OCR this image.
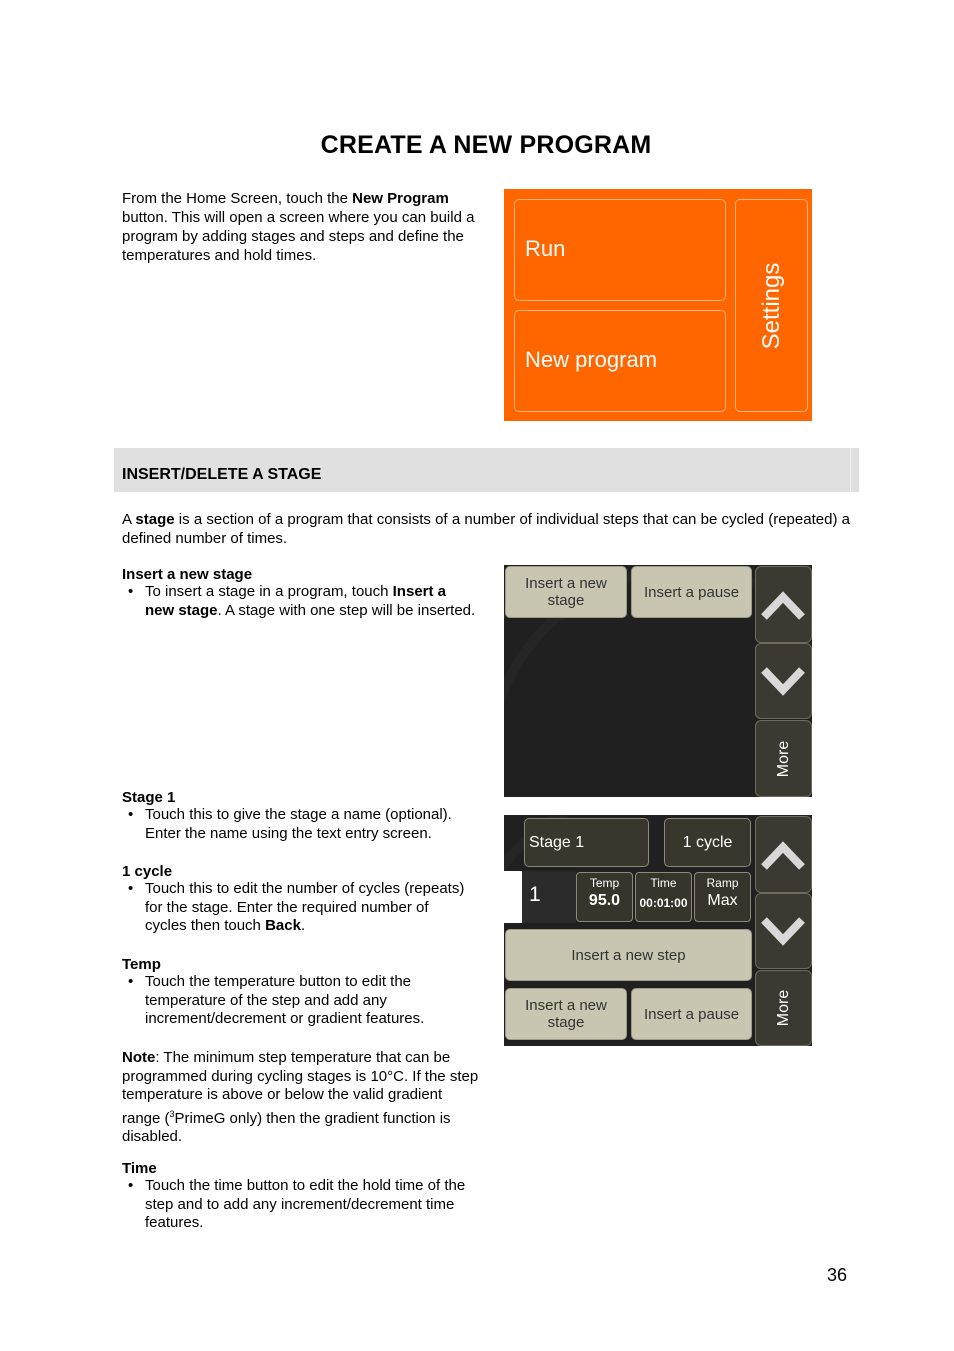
CREATE A NEW PROGRAM
From the Home Screen, touch the New Program button. This will open a screen where you can build a program by adding stages and steps and define the temperatures and hold times.	Run
New program
Settings
INSERT/DELETE A STAGE
A stage is a section of a program that consists of a number of individual steps that can be cycled (repeated) a defined number of times.
Insert a new stage
• To insert a stage in a program, touch Insert a new stage. A stage with one step will be inserted.
Stage 1
• Touch this to give the stage a name (optional). Enter the name using the text entry screen.
1 cycle
• Touch this to edit the number of cycles (repeats) for the stage. Enter the required number of cycles then touch Back.
Temp
• Touch the temperature button to edit the temperature of the step and add any increment/decrement or gradient features.
Note: The minimum step temperature that can be programmed during cycling stages is 10°C. If the step temperature is above or below the valid gradient range ($^3$PrimeG only) then the gradient function is disabled.
Time
• Touch the time button to edit the hold time of the step and to add any increment/decrement time features.
Insert a new stage	Insert a pause
More
Stage 1	1 cycle
1	Temp
95.0
Time
00:01:00
Ramp
Max
Insert a new step
Insert a new stage	Insert a pause More
36
